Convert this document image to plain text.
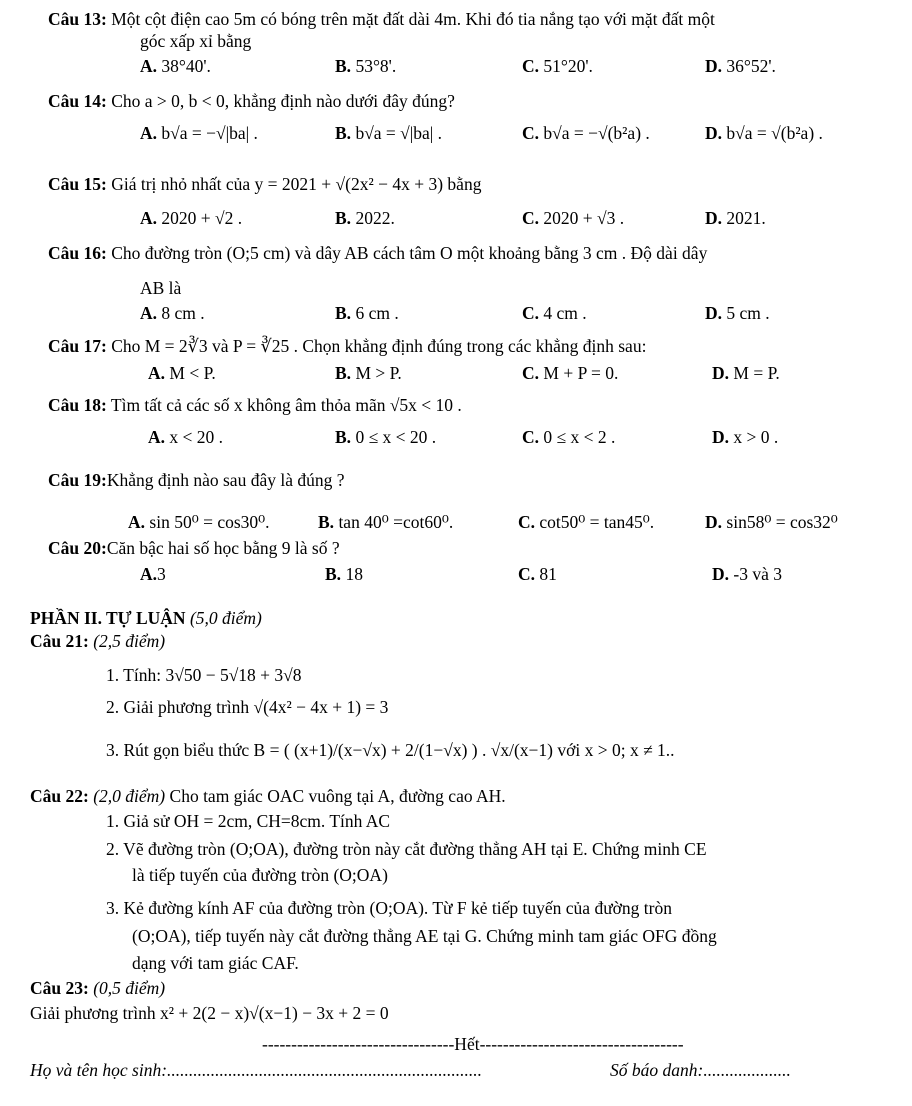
Câu 13: Một cột điện cao 5m có bóng trên mặt đất dài 4m. Khi đó tia nắng tạo với mặt đất một
góc xấp xỉ bằng
A. 38°40'.	B. 53°8'.	C. 51°20'.	D. 36°52'.
Câu 14: Cho a > 0, b < 0, khẳng định nào dưới đây đúng?
A. b√a = −√|ba| .	B. b√a = √|ba| .	C. b√a = −√(b²a) .	D. b√a = √(b²a) .
Câu 15: Giá trị nhỏ nhất của y = 2021 + √(2x² − 4x + 3) bằng
A. 2020 + √2 .	B. 2022.	C. 2020 + √3 .	D. 2021.
Câu 16: Cho đường tròn (O;5 cm) và dây AB cách tâm O một khoảng bằng 3 cm . Độ dài dây
AB là
A. 8 cm .	B. 6 cm .	C. 4 cm .	D. 5 cm .
Câu 17: Cho M = 2∛3 và P = ∛25 . Chọn khẳng định đúng trong các khẳng định sau:
A. M < P.	B. M > P.	C. M + P = 0.	D. M = P.
Câu 18: Tìm tất cả các số x không âm thỏa mãn √5x < 10 .
A. x < 20 .	B. 0 ≤ x < 20 .	C. 0 ≤ x < 2 .	D. x > 0 .
Câu 19:Khẳng định nào sau đây là đúng ?
A. sin 50⁰ = cos30⁰.	B. tan 40⁰ =cot60⁰.	C. cot50⁰ = tan45⁰.	D. sin58⁰ = cos32⁰
Câu 20:Căn bậc hai số học bằng 9 là số ?
A.3	B. 18	C. 81	D. -3 và 3
PHẦN II. TỰ LUẬN (5,0 điểm)
Câu 21: (2,5 điểm)
1. Tính: 3√50 − 5√18 + 3√8
2. Giải phương trình √(4x² − 4x + 1) = 3
3. Rút gọn biểu thức B = ( (x+1)/(x−√x) + 2/(1−√x) ) . √x/(x−1) với x > 0; x ≠ 1..
Câu 22: (2,0 điểm) Cho tam giác OAC vuông tại A, đường cao AH.
1. Giả sử OH = 2cm, CH=8cm. Tính AC
2. Vẽ đường tròn (O;OA), đường tròn này cắt đường thẳng AH tại E. Chứng minh CE
là tiếp tuyến của đường tròn (O;OA)
3. Kẻ đường kính AF của đường tròn (O;OA). Từ F kẻ tiếp tuyến của đường tròn
(O;OA), tiếp tuyến này cắt đường thẳng AE tại G. Chứng minh tam giác OFG đồng
dạng với tam giác CAF.
Câu 23: (0,5 điểm)
Giải phương trình x² + 2(2 − x)√(x−1) − 3x + 2 = 0
---------------------------------Hết-----------------------------------
Họ và tên học sinh:........................................................................	Số báo danh:....................
